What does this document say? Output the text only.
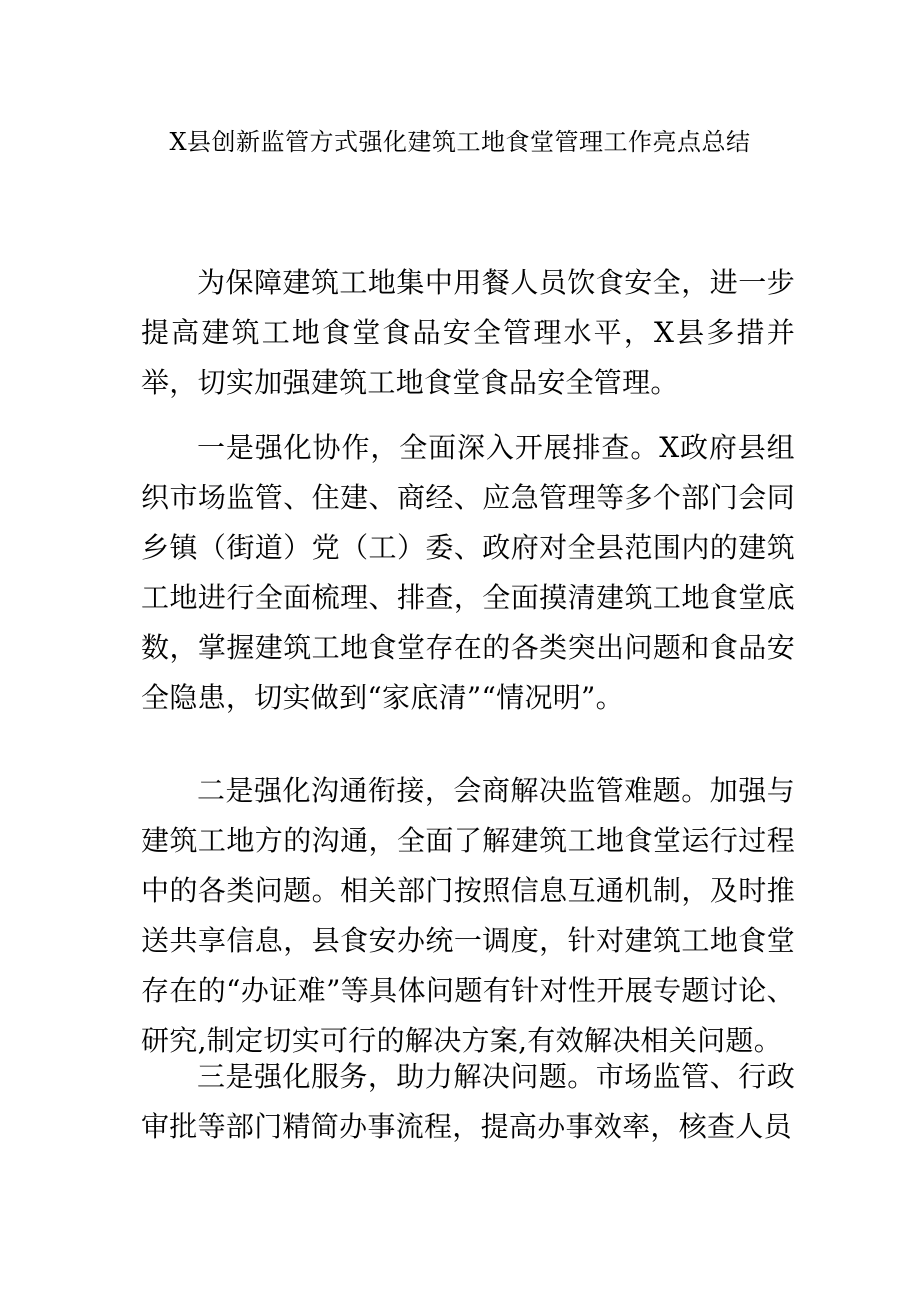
X县创新监管方式强化建筑工地食堂管理工作亮点总结

为保障建筑工地集中用餐人员饮食安全，进一步提高建筑工地食堂食品安全管理水平，X县多措并举，切实加强建筑工地食堂食品安全管理。

一是强化协作，全面深入开展排查。X政府县组织市场监管、住建、商经、应急管理等多个部门会同乡镇（街道）党（工）委、政府对全县范围内的建筑工地进行全面梳理、排查，全面摸清建筑工地食堂底数，掌握建筑工地食堂存在的各类突出问题和食品安全隐患，切实做到“家底清”“情况明”。

二是强化沟通衔接，会商解决监管难题。加强与建筑工地方的沟通，全面了解建筑工地食堂运行过程中的各类问题。相关部门按照信息互通机制，及时推送共享信息，县食安办统一调度，针对建筑工地食堂存在的“办证难”等具体问题有针对性开展专题讨论、研究,制定切实可行的解决方案,有效解决相关问题。

三是强化服务，助力解决问题。市场监管、行政审批等部门精简办事流程，提高办事效率，核查人员
